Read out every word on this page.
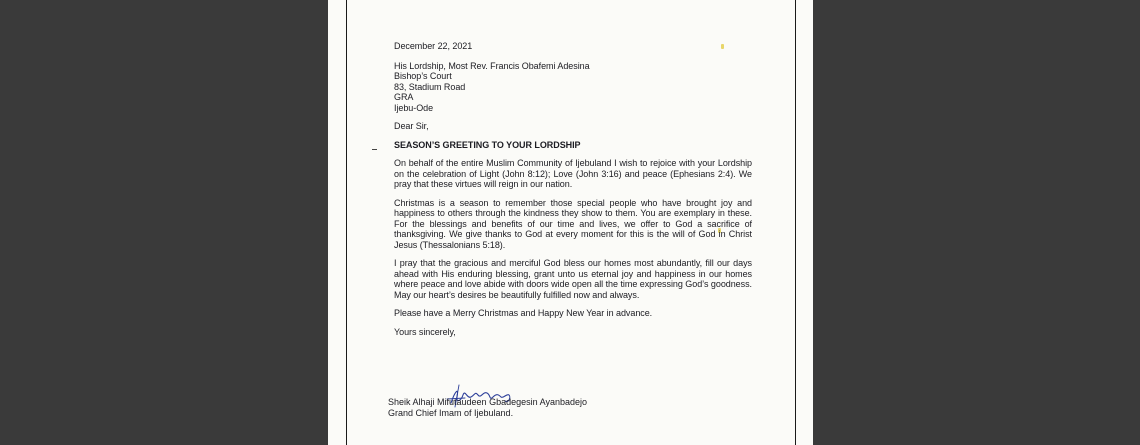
December 22, 2021

His Lordship, Most Rev. Francis Obafemi Adesina

Bishop’s Court

83, Stadium Road

GRA

Ijebu-Ode

Dear Sir,

SEASON’S GREETING TO YOUR LORDSHIP

On behalf of the entire Muslim Community of Ijebuland I wish to rejoice with your Lordship on the celebration of Light (John 8:12); Love (John 3:16) and peace (Ephesians 2:4). We pray that these virtues will reign in our nation.

Christmas is a season to remember those special people who have brought joy and happiness to others through the kindness they show to them. You are exemplary in these. For the blessings and benefits of our time and lives, we offer to God a sacrifice of thanksgiving. We give thanks to God at every moment for this is the will of God in Christ Jesus (Thessalonians 5:18).

I pray that the gracious and merciful God bless our homes most abundantly, fill our days ahead with His enduring blessing, grant unto us eternal joy and happiness in our homes where peace and love abide with doors wide open all the time expressing God’s goodness. May our heart’s desires be beautifully fulfilled now and always.

Please have a Merry Christmas and Happy New Year in advance.

Yours sincerely,

Sheik Alhaji Mifutaudeen Gbadegesin Ayanbadejo

Grand Chief Imam of Ijebuland.
